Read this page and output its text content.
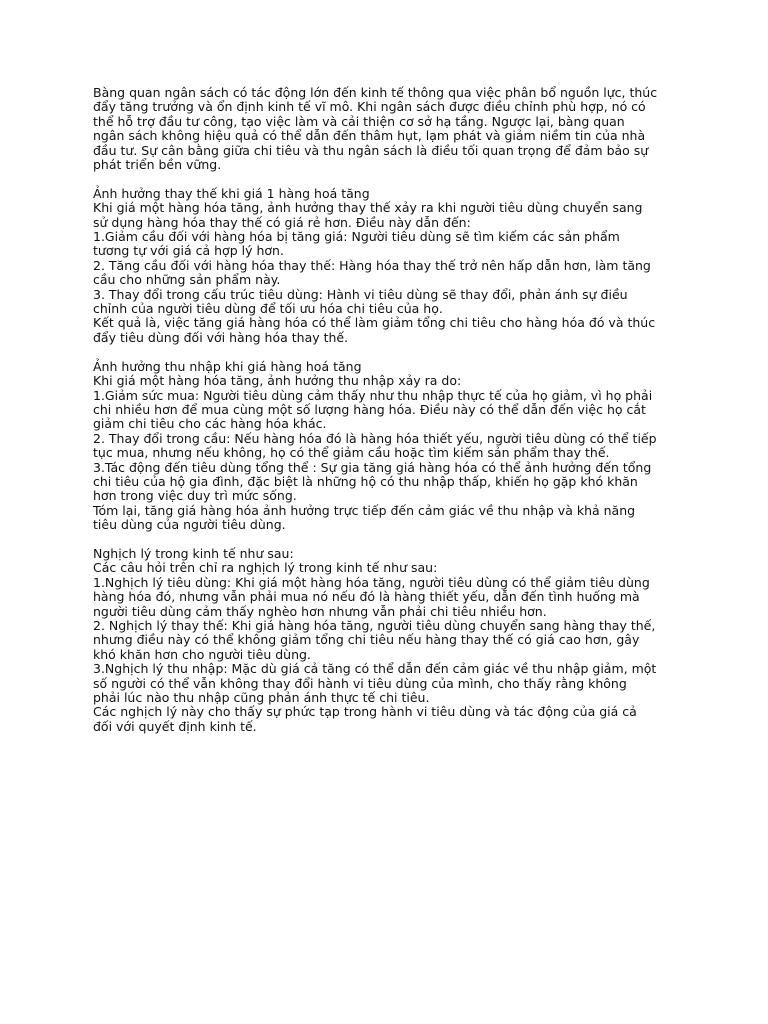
Bàng quan ngân sách có tác động lớn đến kinh tế thông qua việc phân bổ nguồn lực, thúc
đẩy tăng trưởng và ổn định kinh tế vĩ mô. Khi ngân sách được điều chỉnh phù hợp, nó có
thể hỗ trợ đầu tư công, tạo việc làm và cải thiện cơ sở hạ tầng. Ngược lại, bàng quan
ngân sách không hiệu quả có thể dẫn đến thâm hụt, lạm phát và giảm niềm tin của nhà
đầu tư. Sự cân bằng giữa chi tiêu và thu ngân sách là điều tối quan trọng để đảm bảo sự
phát triển bền vững.
Ảnh hưởng thay thế khi giá 1 hàng hoá tăng
Khi giá một hàng hóa tăng, ảnh hưởng thay thế xảy ra khi người tiêu dùng chuyển sang
sử dụng hàng hóa thay thế có giá rẻ hơn. Điều này dẫn đến:
1.Giảm cầu đối với hàng hóa bị tăng giá: Người tiêu dùng sẽ tìm kiếm các sản phẩm
tương tự với giá cả hợp lý hơn.
2. Tăng cầu đối với hàng hóa thay thế: Hàng hóa thay thế trở nên hấp dẫn hơn, làm tăng
cầu cho những sản phẩm này.
3. Thay đổi trong cấu trúc tiêu dùng: Hành vi tiêu dùng sẽ thay đổi, phản ánh sự điều
chỉnh của người tiêu dùng để tối ưu hóa chi tiêu của họ.
Kết quả là, việc tăng giá hàng hóa có thể làm giảm tổng chi tiêu cho hàng hóa đó và thúc
đẩy tiêu dùng đối với hàng hóa thay thế.
Ảnh hưởng thu nhập khi giá hàng hoá tăng
Khi giá một hàng hóa tăng, ảnh hưởng thu nhập xảy ra do:
1.Giảm sức mua: Người tiêu dùng cảm thấy như thu nhập thực tế của họ giảm, vì họ phải
chi nhiều hơn để mua cùng một số lượng hàng hóa. Điều này có thể dẫn đến việc họ cắt
giảm chi tiêu cho các hàng hóa khác.
2. Thay đổi trong cầu: Nếu hàng hóa đó là hàng hóa thiết yếu, người tiêu dùng có thể tiếp
tục mua, nhưng nếu không, họ có thể giảm cầu hoặc tìm kiếm sản phẩm thay thế.
3.Tác động đến tiêu dùng tổng thể : Sự gia tăng giá hàng hóa có thể ảnh hưởng đến tổng
chi tiêu của hộ gia đình, đặc biệt là những hộ có thu nhập thấp, khiến họ gặp khó khăn
hơn trong việc duy trì mức sống.
Tóm lại, tăng giá hàng hóa ảnh hưởng trực tiếp đến cảm giác về thu nhập và khả năng
tiêu dùng của người tiêu dùng.
Nghịch lý trong kinh tế như sau:
Các câu hỏi trên chỉ ra nghịch lý trong kinh tế như sau:
1.Nghịch lý tiêu dùng: Khi giá một hàng hóa tăng, người tiêu dùng có thể giảm tiêu dùng
hàng hóa đó, nhưng vẫn phải mua nó nếu đó là hàng thiết yếu, dẫn đến tình huống mà
người tiêu dùng cảm thấy nghèo hơn nhưng vẫn phải chi tiêu nhiều hơn.
2. Nghịch lý thay thế: Khi giá hàng hóa tăng, người tiêu dùng chuyển sang hàng thay thế,
nhưng điều này có thể không giảm tổng chi tiêu nếu hàng thay thế có giá cao hơn, gây
khó khăn hơn cho người tiêu dùng.
3.Nghịch lý thu nhập: Mặc dù giá cả tăng có thể dẫn đến cảm giác về thu nhập giảm, một
số người có thể vẫn không thay đổi hành vi tiêu dùng của mình, cho thấy rằng không
phải lúc nào thu nhập cũng phản ánh thực tế chi tiêu.
Các nghịch lý này cho thấy sự phức tạp trong hành vi tiêu dùng và tác động của giá cả
đối với quyết định kinh tế.
